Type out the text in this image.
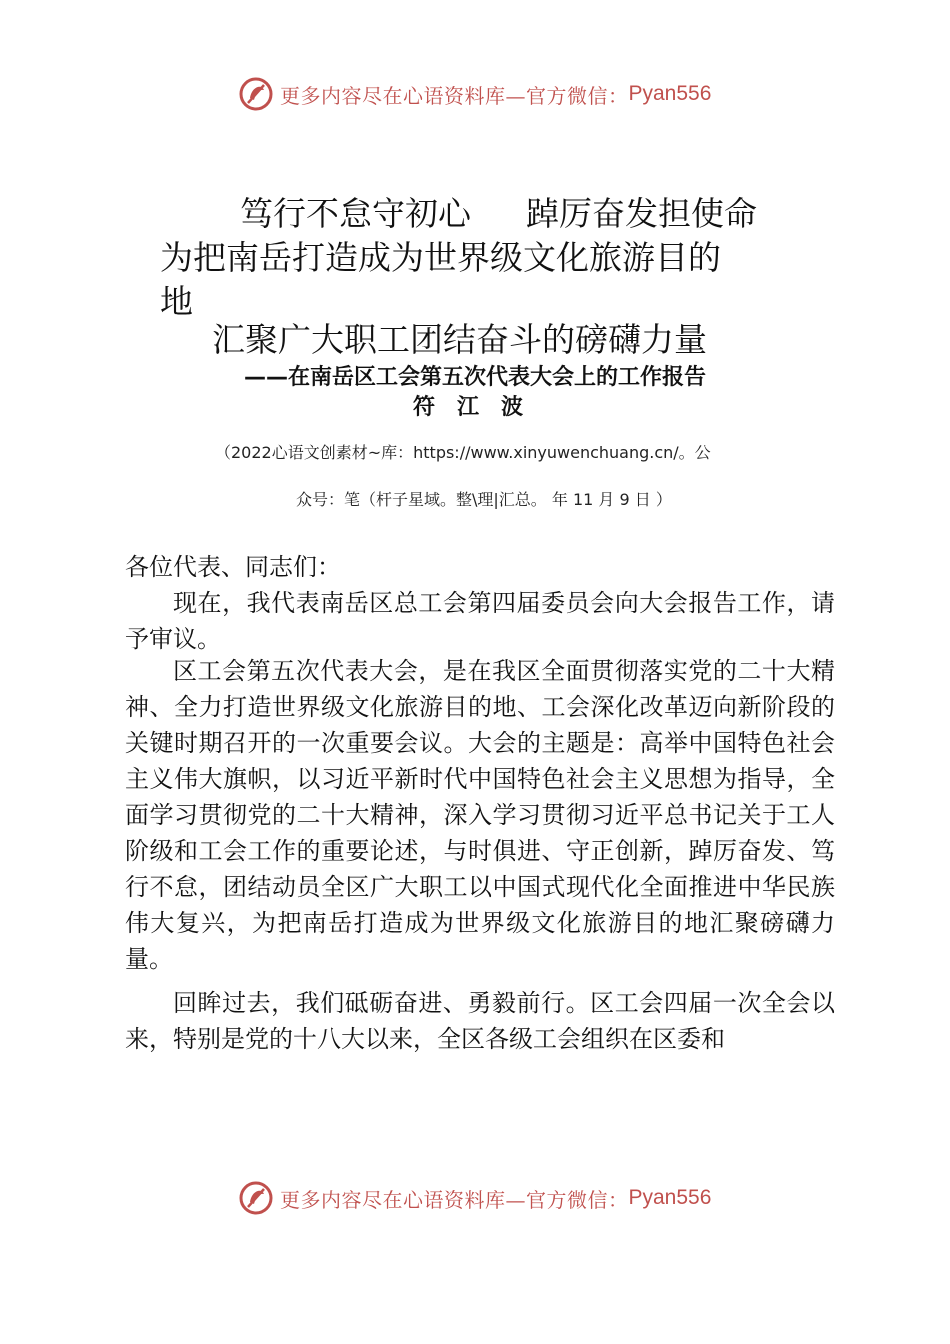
更多内容尽在心语资料库—官方微信： Pyan556
笃行不怠守初心 踔厉奋发担使命
为把南岳打造成为世界级文化旅游目的
地
汇聚广大职工团结奋斗的磅礴力量
——在南岳区工会第五次代表大会上的工作报告
符江波
（2022心语文创素材~库：https://www.xinyuwenchuang.cn/。公
众号：笔（杆子星域。整\理|汇总。 年 11 月 9 日 ）
各位代表、同志们：

现在，我代表南岳区总工会第四届委员会向大会报告工作，请予审议。

区工会第五次代表大会，是在我区全面贯彻落实党的二十大精神、全力打造世界级文化旅游目的地、工会深化改革迈向新阶段的关键时期召开的一次重要会议。大会的主题是：高举中国特色社会主义伟大旗帜，以习近平新时代中国特色社会主义思想为指导，全面学习贯彻党的二十大精神，深入学习贯彻习近平总书记关于工人阶级和工会工作的重要论述，与时俱进、守正创新，踔厉奋发、笃行不怠，团结动员全区广大职工以中国式现代化全面推进中华民族伟大复兴，为把南岳打造成为世界级文化旅游目的地汇聚磅礴力量。

回眸过去，我们砥砺奋进、勇毅前行。区工会四届一次全会以来，特别是党的十八大以来，全区各级工会组织在区委和

更多内容尽在心语资料库—官方微信： Pyan556
